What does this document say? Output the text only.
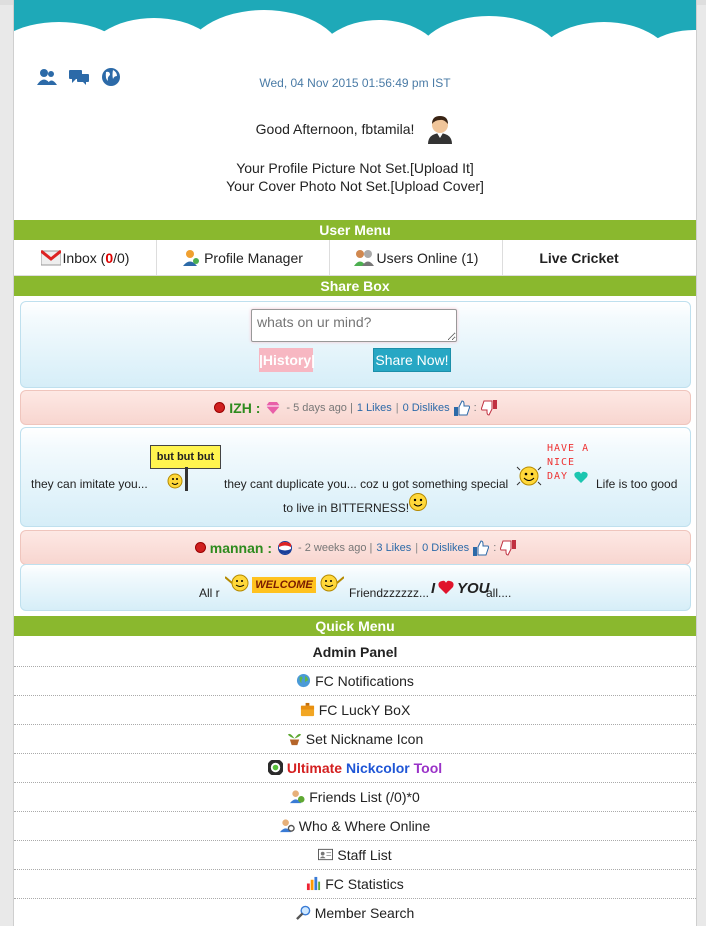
Wed, 04 Nov 2015 01:56:49 pm IST
Good Afternoon, fbtamila!
Your Profile Picture Not Set.[Upload It]
Your Cover Photo Not Set.[Upload Cover]
User Menu
Inbox ( 0 /0)	Profile Manager	Users Online (1)	Live Cricket
Share Box
whats on ur mind?
|History|	Share Now!
IZH : - 5 days ago | 1 Likes | 0 Dislikes :
they can imitate you...
but but but
they cant duplicate you... coz u got something special
HAVE A NICE DAY
Life is too good
to live in BITTERNESS!
mannan : - 2 weeks ago | 3 Likes | 0 Dislikes :
All r
WELCOME
Friendzzzzzz... I YOU
all....
Quick Menu
Admin Panel
FC Notifications
FC LuckY BoX
Set Nickname Icon
Ultimate Nickcolor Tool
Friends List (/0)*0
Who & Where Online
Staff List
FC Statistics
Member Search
